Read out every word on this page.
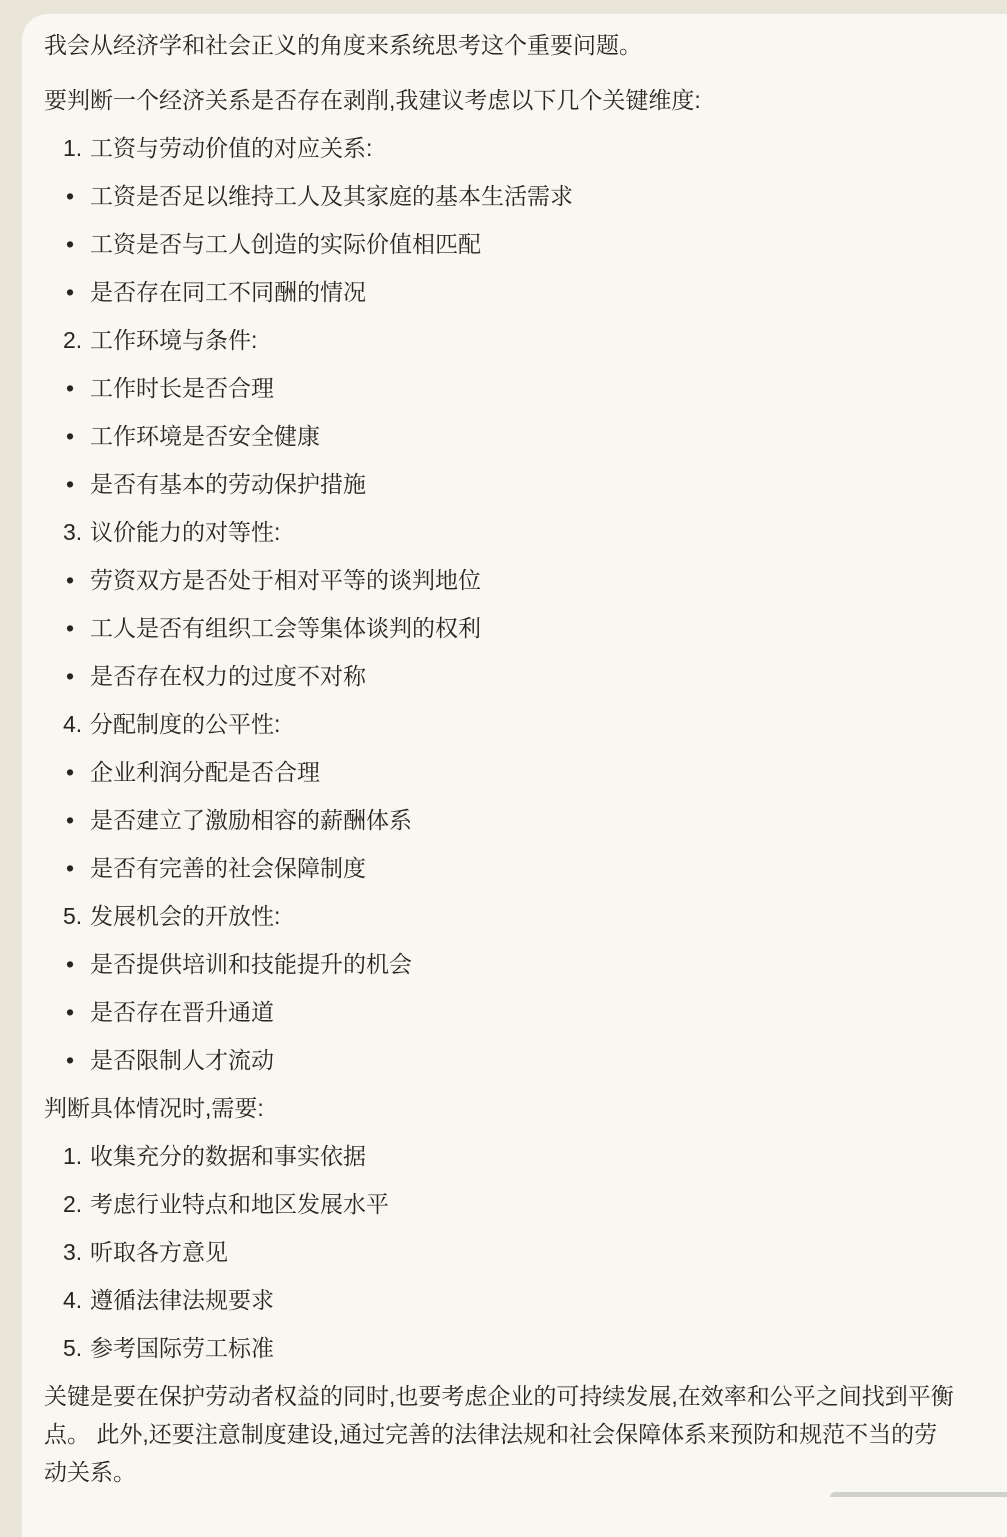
我会从经济学和社会正义的角度来系统思考这个重要问题。

要判断一个经济关系是否存在剥削,我建议考虑以下几个关键维度:

1. 工资与劳动价值的对应关系:
• 工资是否足以维持工人及其家庭的基本生活需求
• 工资是否与工人创造的实际价值相匹配
• 是否存在同工不同酬的情况
2. 工作环境与条件:
• 工作时长是否合理
• 工作环境是否安全健康
• 是否有基本的劳动保护措施
3. 议价能力的对等性:
• 劳资双方是否处于相对平等的谈判地位
• 工人是否有组织工会等集体谈判的权利
• 是否存在权力的过度不对称
4. 分配制度的公平性:
• 企业利润分配是否合理
• 是否建立了激励相容的薪酬体系
• 是否有完善的社会保障制度
5. 发展机会的开放性:
• 是否提供培训和技能提升的机会
• 是否存在晋升通道
• 是否限制人才流动

判断具体情况时,需要:

1. 收集充分的数据和事实依据
2. 考虑行业特点和地区发展水平
3. 听取各方意见
4. 遵循法律法规要求
5. 参考国际劳工标准

关键是要在保护劳动者权益的同时,也要考虑企业的可持续发展,在效率和公平之间找到平衡点。 此外,还要注意制度建设,通过完善的法律法规和社会保障体系来预防和规范不当的劳动关系。
